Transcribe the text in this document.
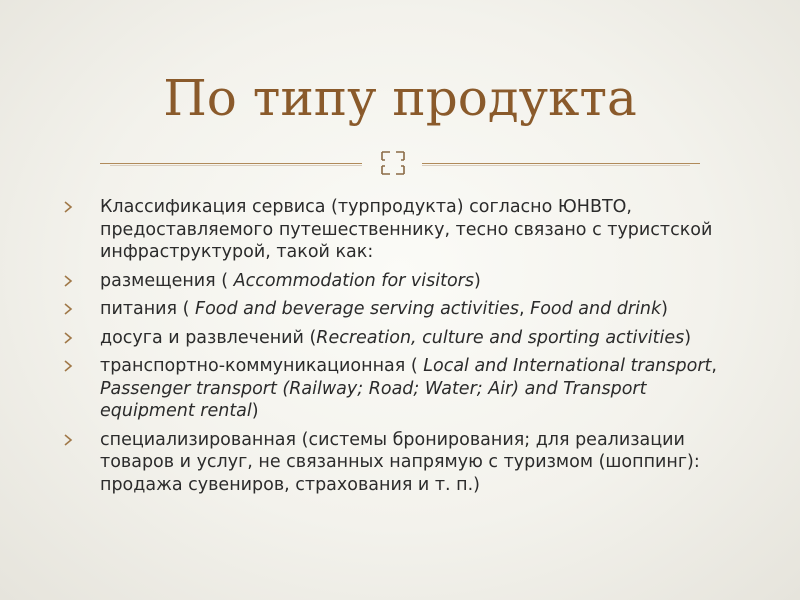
По типу продукта
Классификация сервиса (турпродукта) согласно ЮНВТО, предоставляемого путешественнику, тесно связано с туристской инфраструктурой, такой как:
размещения ( Accommodation for visitors)
питания ( Food and beverage serving activities, Food and drink)
досуга и развлечений (Recreation, culture and sporting activities)
транспортно-коммуникационная ( Local and International transport, Passenger transport (Railway; Road; Water; Air) and Transport equipment rental)
специализированная (системы бронирования; для реализации товаров и услуг, не связанных напрямую с туризмом (шоппинг): продажа сувениров, страхования и т. п.)
